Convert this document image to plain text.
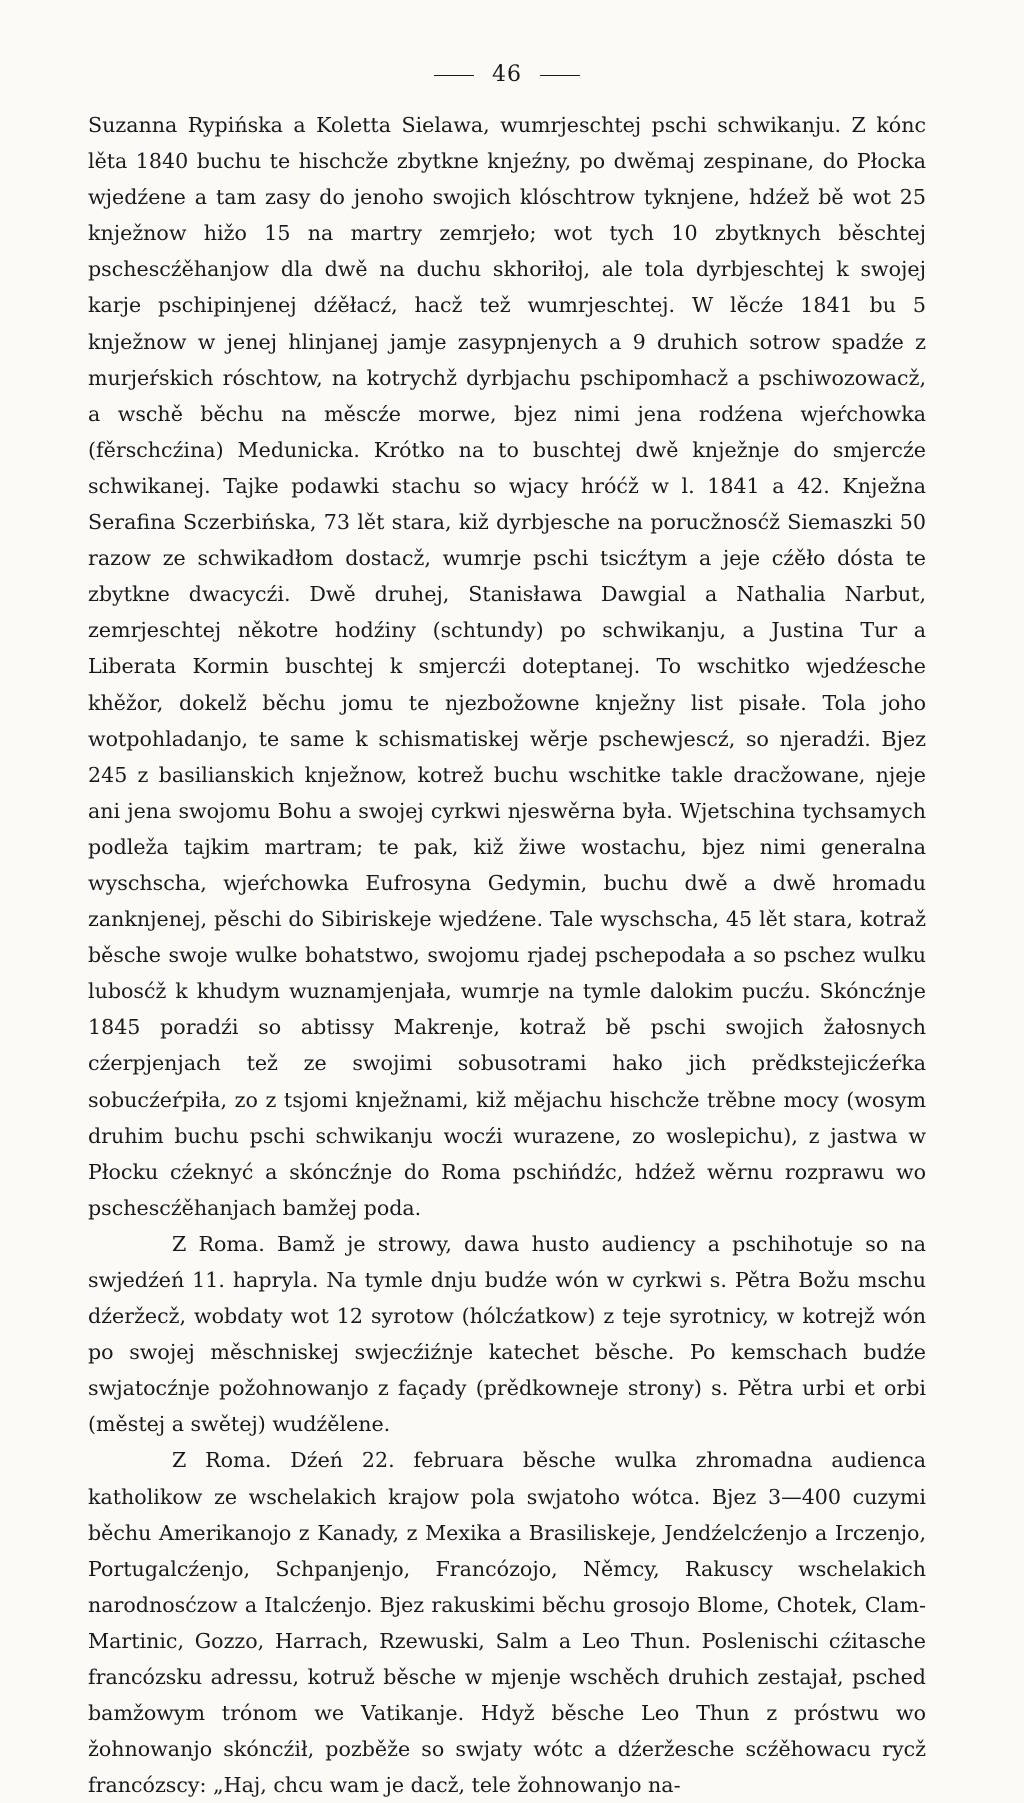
46

Suzanna Rypińska a Koletta Sielawa, wumrjeschtej pschi schwikanju. Z kónc lěta 1840 buchu te hischcže zbytkne knjeźny, po dwěmaj zespinane, do Płocka wjedźene a tam zasy do jenoho swojich klóschtrow tyknjene, hdźež bě wot 25 knježnow hižo 15 na martry zemrjeło; wot tych 10 zbytknych běschtej pschescźěhanjow dla dwě na duchu skhoriłoj, ale tola dyrbjeschtej k swojej karje pschipinjenej dźěłacź, hacž tež wumrjeschtej. W lěcźe 1841 bu 5 knježnow w jenej hlinjanej jamje zasypnjenych a 9 druhich sotrow spadźe z murjeŕskich róschtow, na kotrychž dyrbjachu pschipomhacž a pschiwozowacž, a wschě běchu na měscźe morwe, bjez nimi jena rodźena wjeŕchowka (fěrschcźina) Medunicka. Krótko na to buschtej dwě knježnje do smjercźe schwikanej. Tajke podawki stachu so wjacy hróćž w l. 1841 a 42. Knježna Serafina Sczerbińska, 73 lět stara, kiž dyrbjesche na porucžnosćž Siemaszki 50 razow ze schwikadłom dostacž, wumrje pschi tsicźtym a jeje cźěło dósta te zbytkne dwacycźi. Dwě druhej, Stanisława Dawgial a Nathalia Narbut, zemrjeschtej někotre hodźiny (schtundy) po schwikanju, a Justina Tur a Liberata Kormin buschtej k smjercźi doteptanej. To wschitko wjedźesche khěžor, dokelž běchu jomu te njezbožowne knježny list pisałe. Tola joho wotpohladanjo, te same k schismatiskej wěrje pschewjescź, so njeradźi. Bjez 245 z basilianskich knježnow, kotrež buchu wschitke takle dracžowane, njeje ani jena swojomu Bohu a swojej cyrkwi njeswěrna była. Wjetschina tychsamych podleža tajkim martram; te pak, kiž žiwe wostachu, bjez nimi generalna wyschscha, wjeŕchowka Eufrosyna Gedymin, buchu dwě a dwě hromadu zanknjenej, pěschi do Sibiriskeje wjedźene. Tale wyschscha, 45 lět stara, kotraž běsche swoje wulke bohatstwo, swojomu rjadej pschepodała a so pschez wulku lubosćž k khudym wuznamjenjała, wumrje na tymle dalokim pucźu. Skóncźnje 1845 poradźi so abtissy Makrenje, kotraž bě pschi swojich žałosnych cźerpjenjach tež ze swojimi sobusotrami hako jich prědkstejicźeŕka sobucźeŕpiła, zo z tsjomi knježnami, kiž mějachu hischcže trěbne mocy (wosym druhim buchu pschi schwikanju wocźi wurazene, zo woslepichu), z jastwa w Płocku cźeknyć a skóncźnje do Roma pschińdźc, hdźež wěrnu rozprawu wo pschescźěhanjach bamžej poda.

Z Roma. Bamž je strowy, dawa husto audiency a pschihotuje so na swjedźeń 11. hapryla. Na tymle dnju budźe wón w cyrkwi s. Pětra Božu mschu dźeržecž, wobdaty wot 12 syrotow (hólcźatkow) z teje syrotnicy, w kotrejž wón po swojej měschniskej swjecźiźnje katechet běsche. Po kemschach budźe swjatocźnje požohnowanjo z façady (prědkowneje strony) s. Pětra urbi et orbi (městej a swětej) wudźělene.

Z Roma. Dźeń 22. februara běsche wulka zhromadna audienca katholikow ze wschelakich krajow pola swjatoho wótca. Bjez 3—400 cuzymi běchu Amerikanojo z Kanady, z Mexika a Brasiliskeje, Jendźelcźenjo a Irczenjo, Portugalcźenjo, Schpanjenjo, Francózojo, Němcy, Rakuscy wschelakich narodnosćzow a Italcźenjo. Bjez rakuskimi běchu grosojo Blome, Chotek, Clam-Martinic, Gozzo, Harrach, Rzewuski, Salm a Leo Thun. Poslenischi cźitasche francózsku adressu, kotruž běsche w mjenje wschěch druhich zestajał, psched bamžowym trónom we Vatikanje. Hdyž běsche Leo Thun z próstwu wo žohnowanjo skóncźił, pozběže so swjaty wótc a dźeržesche scźěhowacu rycž francózscy: „Haj, chcu wam je dacž, tele žohnowanjo na-
